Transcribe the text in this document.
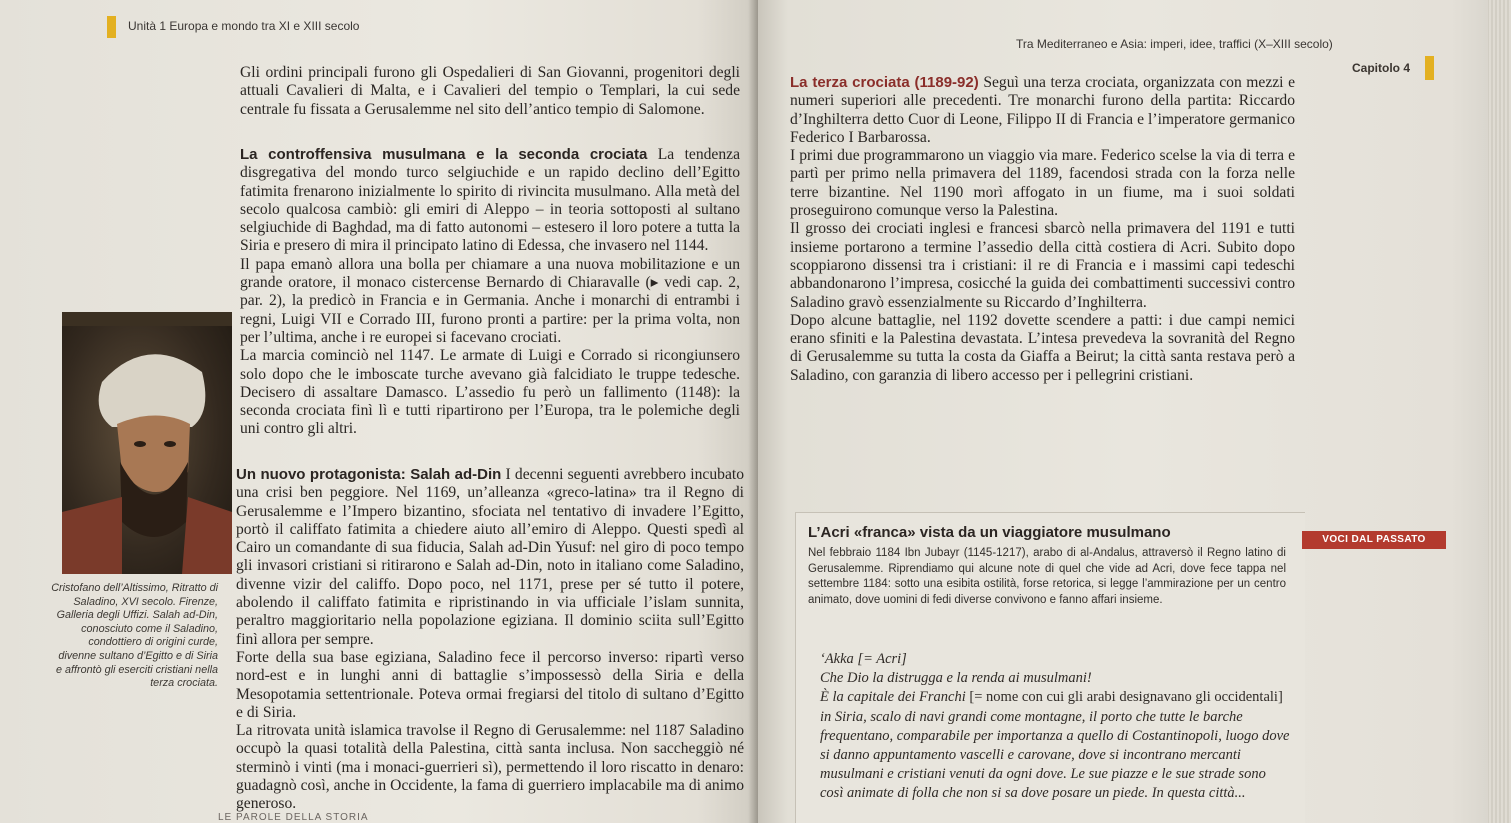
Unità 1 Europa e mondo tra XI e XIII secolo

Gli ordini principali furono gli Ospedalieri di San Giovanni, progenitori degli attuali Cavalieri di Malta, e i Cavalieri del tempio o Templari, la cui sede centrale fu fissata a Gerusalemme nel sito dell’antico tempio di Salomone.

La controffensiva musulmana e la seconda crociata La tendenza disgregativa del mondo turco selgiuchide e un rapido declino dell’Egitto fatimita frenarono inizialmente lo spirito di rivincita musulmano. Alla metà del secolo qualcosa cambiò: gli emiri di Aleppo – in teoria sottoposti al sultano selgiuchide di Baghdad, ma di fatto autonomi – estesero il loro potere a tutta la Siria e presero di mira il principato latino di Edessa, che invasero nel 1144.

Il papa emanò allora una bolla per chiamare a una nuova mobilitazione e un grande oratore, il monaco cistercense Bernardo di Chiaravalle (▸ vedi cap. 2, par. 2), la predicò in Francia e in Germania. Anche i monarchi di entrambi i regni, Luigi VII e Corrado III, furono pronti a partire: per la prima volta, non per l’ultima, anche i re europei si facevano crociati.

La marcia cominciò nel 1147. Le armate di Luigi e Corrado si ricongiunsero solo dopo che le imboscate turche avevano già falcidiato le truppe tedesche. Decisero di assaltare Damasco. L’assedio fu però un fallimento (1148): la seconda crociata finì lì e tutti ripartirono per l’Europa, tra le polemiche degli uni contro gli altri.

Cristofano dell’Altissimo, Ritratto di Saladino, XVI secolo. Firenze, Galleria degli Uffizi. Salah ad-Din, conosciuto come il Saladino, condottiero di origini curde, divenne sultano d’Egitto e di Siria e affrontò gli eserciti cristiani nella terza crociata.

Un nuovo protagonista: Salah ad-Din I decenni seguenti avrebbero incubato una crisi ben peggiore. Nel 1169, un’alleanza «greco-latina» tra il Regno di Gerusalemme e l’Impero bizantino, sfociata nel tentativo di invadere l’Egitto, portò il califfato fatimita a chiedere aiuto all’emiro di Aleppo. Questi spedì al Cairo un comandante di sua fiducia, Salah ad-Din Yusuf: nel giro di poco tempo gli invasori cristiani si ritirarono e Salah ad-Din, noto in italiano come Saladino, divenne vizir del califfo. Dopo poco, nel 1171, prese per sé tutto il potere, abolendo il califfato fatimita e ripristinando in via ufficiale l’islam sunnita, peraltro maggioritario nella popolazione egiziana. Il dominio sciita sull’Egitto finì allora per sempre.

Forte della sua base egiziana, Saladino fece il percorso inverso: ripartì verso nord-est e in lunghi anni di battaglie s’impossessò della Siria e della Mesopotamia settentrionale. Poteva ormai fregiarsi del titolo di sultano d’Egitto e di Siria.

La ritrovata unità islamica travolse il Regno di Gerusalemme: nel 1187 Saladino occupò la quasi totalità della Palestina, città santa inclusa. Non saccheggiò né sterminò i vinti (ma i monaci-guerrieri sì), permettendo il loro riscatto in denaro: guadagnò così, anche in Occidente, la fama di guerriero implacabile ma di animo generoso.

LE PAROLE DELLA STORIA
Tra Mediterraneo e Asia: imperi, idee, traffici (X–XIII secolo)
Capitolo 4

La terza crociata (1189-92) Seguì una terza crociata, organizzata con mezzi e numeri superiori alle precedenti. Tre monarchi furono della partita: Riccardo d’Inghilterra detto Cuor di Leone, Filippo II di Francia e l’imperatore germanico Federico I Barbarossa.

I primi due programmarono un viaggio via mare. Federico scelse la via di terra e partì per primo nella primavera del 1189, facendosi strada con la forza nelle terre bizantine. Nel 1190 morì affogato in un fiume, ma i suoi soldati proseguirono comunque verso la Palestina.

Il grosso dei crociati inglesi e francesi sbarcò nella primavera del 1191 e tutti insieme portarono a termine l’assedio della città costiera di Acri. Subito dopo scoppiarono dissensi tra i cristiani: il re di Francia e i massimi capi tedeschi abbandonarono l’impresa, cosicché la guida dei combattimenti successivi contro Saladino gravò essenzialmente su Riccardo d’Inghilterra.

Dopo alcune battaglie, nel 1192 dovette scendere a patti: i due campi nemici erano sfiniti e la Palestina devastata. L’intesa prevedeva la sovranità del Regno di Gerusalemme su tutta la costa da Giaffa a Beirut; la città santa restava però a Saladino, con garanzia di libero accesso per i pellegrini cristiani.

VOCI DAL PASSATO
L’Acri «franca» vista da un viaggiatore musulmano
Nel febbraio 1184 Ibn Jubayr (1145-1217), arabo di al-Andalus, attraversò il Regno latino di Gerusalemme. Riprendiamo qui alcune note di quel che vide ad Acri, dove fece tappa nel settembre 1184: sotto una esibita ostilità, forse retorica, si legge l’ammirazione per un centro animato, dove uomini di fedi diverse convivono e fanno affari insieme.

‘Akka [= Acri]

Che Dio la distrugga e la renda ai musulmani!

È la capitale dei Franchi [= nome con cui gli arabi designavano gli occidentali] in Siria, scalo di navi grandi come montagne, il porto che tutte le barche frequentano, comparabile per importanza a quello di Costantinopoli, luogo dove si danno appuntamento vascelli e carovane, dove si incontrano mercanti musulmani e cristiani venuti da ogni dove. Le sue piazze e le sue strade sono così animate di folla che non si sa dove posare un piede. In questa città...
